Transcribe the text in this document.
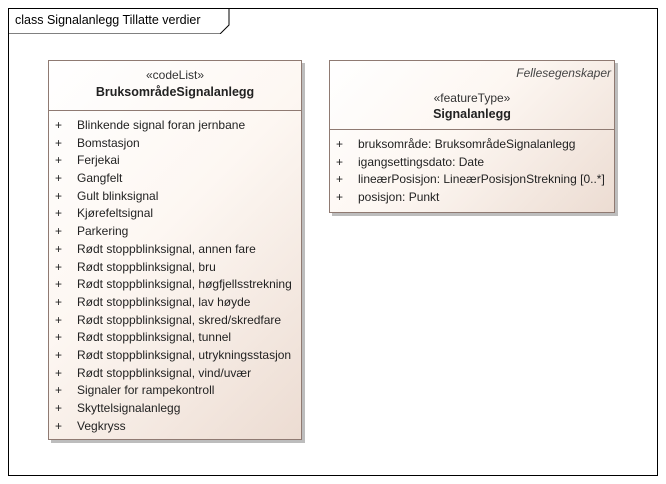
class Signalanlegg Tillatte verdier
«codeList»
BruksområdeSignalanlegg
+	Blinkende signal foran jernbane
+	Bomstasjon
+	Ferjekai
+	Gangfelt
+	Gult blinksignal
+	Kjørefeltsignal
+	Parkering
+	Rødt stoppblinksignal, annen fare
+	Rødt stoppblinksignal, bru
+	Rødt stoppblinksignal, høgfjellsstrekning
+	Rødt stoppblinksignal, lav høyde
+	Rødt stoppblinksignal, skred/skredfare
+	Rødt stoppblinksignal, tunnel
+	Rødt stoppblinksignal, utrykningsstasjon
+	Rødt stoppblinksignal, vind/uvær
+	Signaler for rampekontroll
+	Skyttelsignalanlegg
+	Vegkryss
Fellesegenskaper
«featureType»
Signalanlegg
+	bruksområde: BruksområdeSignalanlegg
+	igangsettingsdato: Date
+	lineærPosisjon: LineærPosisjonStrekning [0..*]
+	posisjon: Punkt
